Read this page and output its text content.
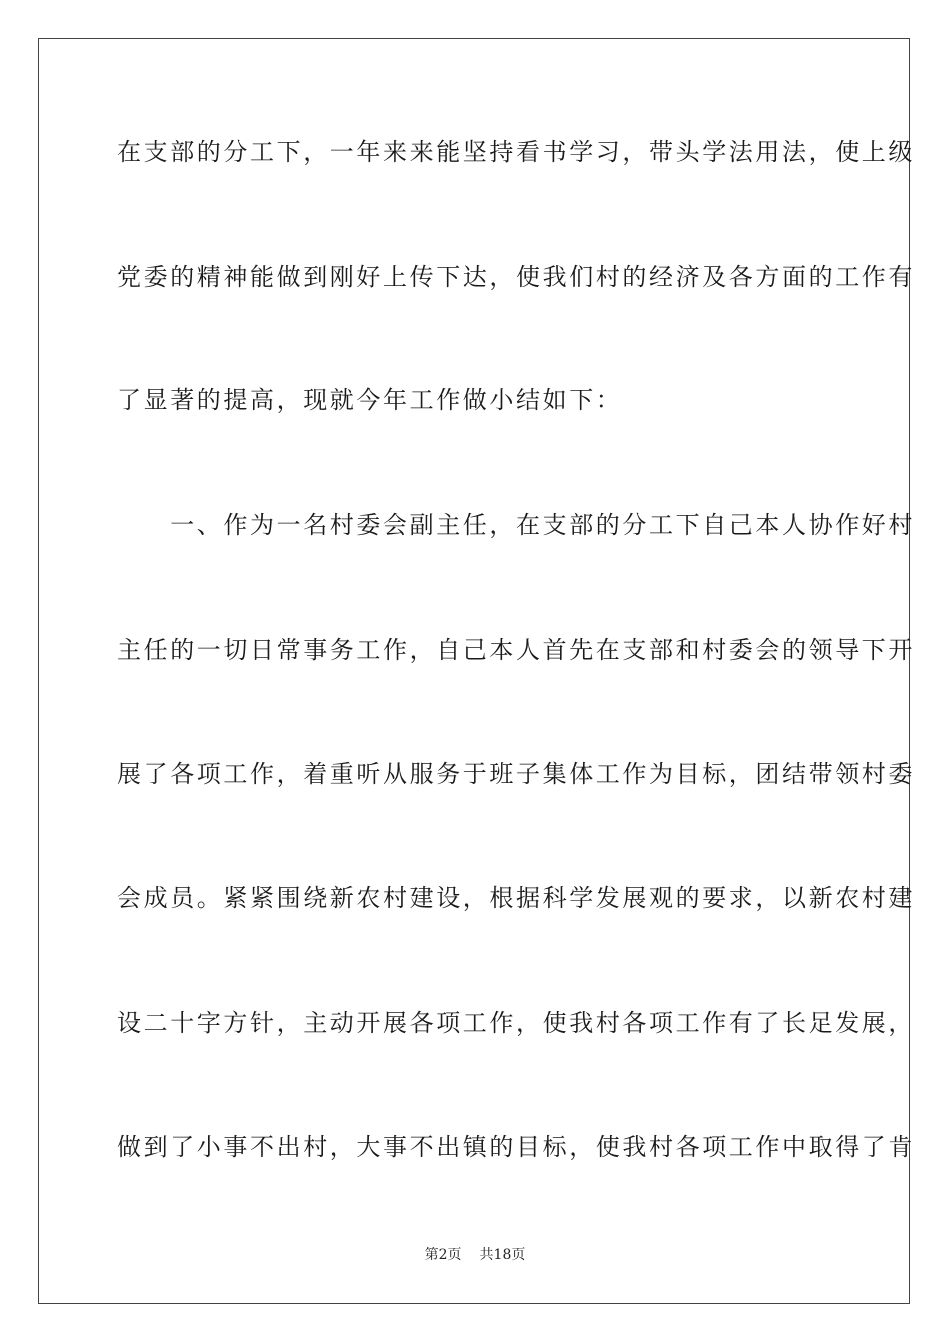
在支部的分工下，一年来来能坚持看书学习，带头学法用法，使上级
党委的精神能做到刚好上传下达，使我们村的经济及各方面的工作有
了显著的提高，现就今年工作做小结如下：
　　一、作为一名村委会副主任，在支部的分工下自己本人协作好村
主任的一切日常事务工作，自己本人首先在支部和村委会的领导下开
展了各项工作，着重听从服务于班子集体工作为目标，团结带领村委
会成员。紧紧围绕新农村建设，根据科学发展观的要求，以新农村建
设二十字方针，主动开展各项工作，使我村各项工作有了长足发展，
做到了小事不出村，大事不出镇的目标，使我村各项工作中取得了肯
第2页 共18页
